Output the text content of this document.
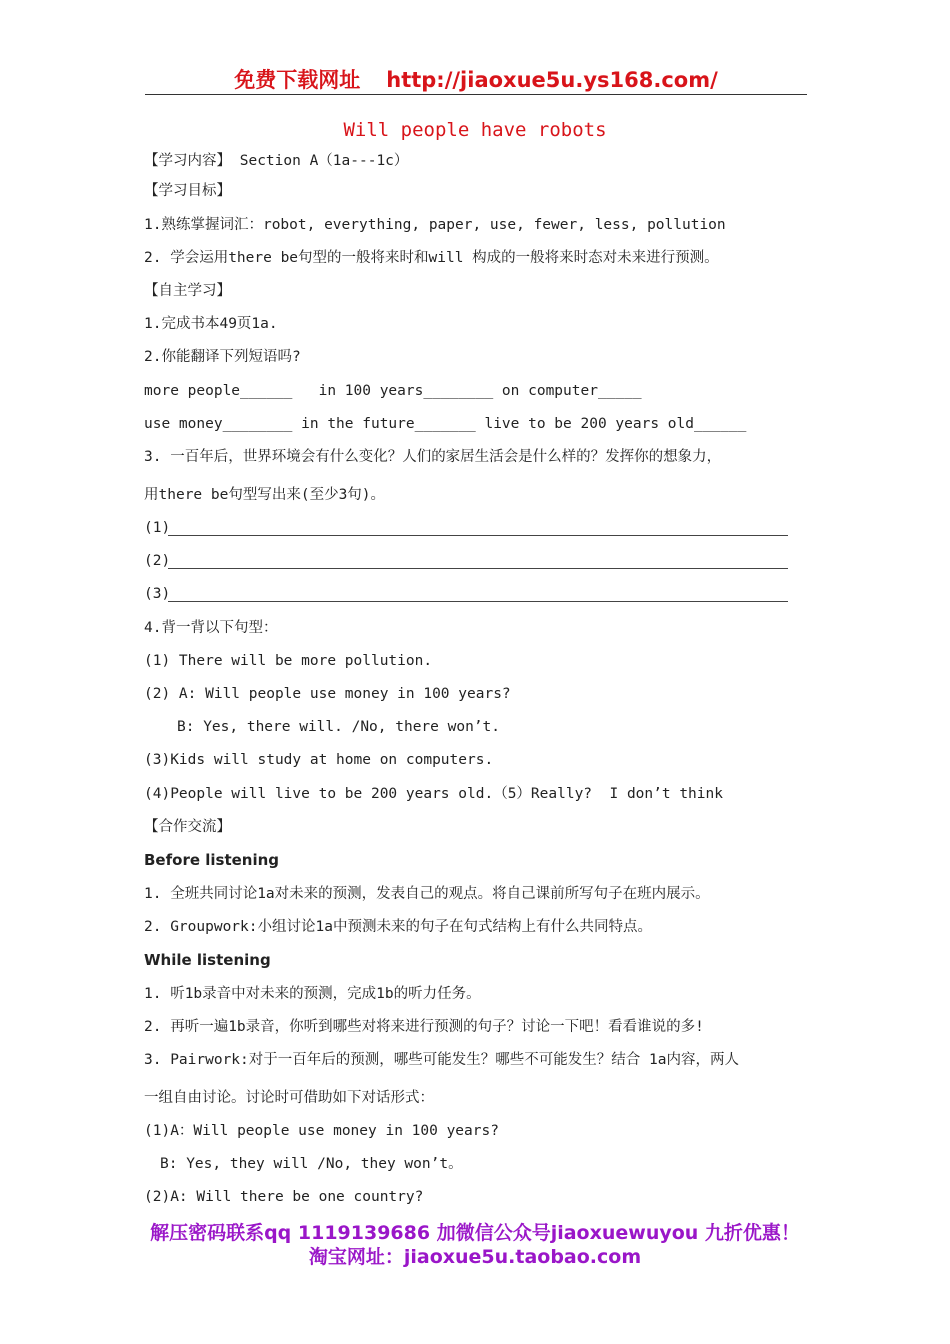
免费下载网址 http://jiaoxue5u.ys168.com/
Will people have robots
【学习内容】 Section A（1a---1c）
【学习目标】
1.熟练掌握词汇：robot, everything, paper, use, fewer, less, pollution
2. 学会运用there be句型的一般将来时和will 构成的一般将来时态对未来进行预测。
【自主学习】
1.完成书本49页1a.
2.你能翻译下列短语吗?
more people______   in 100 years________ on computer_____
use money________ in the future_______ live to be 200 years old______
3. 一百年后，世界环境会有什么变化？人们的家居生活会是什么样的？发挥你的想象力，
用there be句型写出来(至少3句)。
(1)
(2)
(3)
4.背一背以下句型：
(1) There will be more pollution.
(2) A: Will people use money in 100 years?
B: Yes, there will. /No, there won’t.
(3)Kids will study at home on computers.
(4)People will live to be 200 years old.（5）Really?  I don’t think
【合作交流】
Before listening
1. 全班共同讨论1a对未来的预测，发表自己的观点。将自己课前所写句子在班内展示。
2. Groupwork:小组讨论1a中预测未来的句子在句式结构上有什么共同特点。
While listening
1. 听1b录音中对未来的预测，完成1b的听力任务。
2. 再听一遍1b录音，你听到哪些对将来进行预测的句子？讨论一下吧！看看谁说的多!
3. Pairwork:对于一百年后的预测，哪些可能发生？哪些不可能发生？结合 1a内容，两人
一组自由讨论。讨论时可借助如下对话形式：
(1)A：Will people use money in 100 years?
B: Yes, they will /No, they won’t。
(2)A: Will there be one country?
解压密码联系qq 1119139686 加微信公众号jiaoxuewuyou 九折优惠！
淘宝网址：jiaoxue5u.taobao.com
